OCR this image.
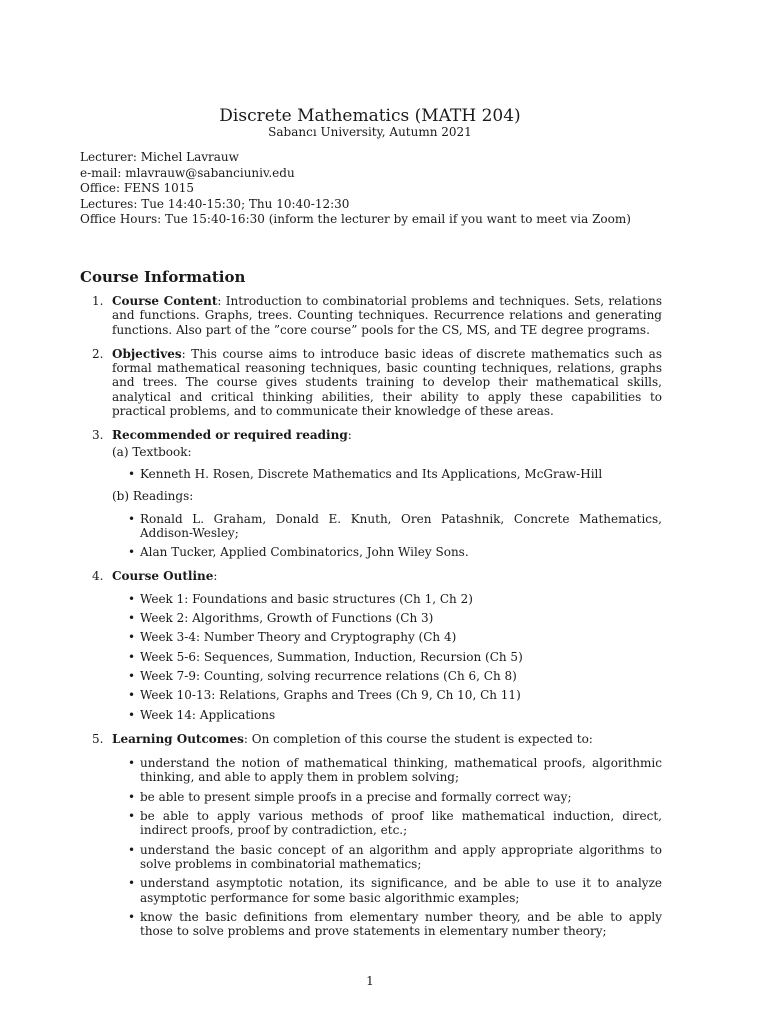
Discrete Mathematics (MATH 204)
Sabancı University, Autumn 2021
Lecturer: Michel Lavrauw
e-mail: mlavrauw@sabanciuniv.edu
Office: FENS 1015
Lectures: Tue 14:40-15:30; Thu 10:40-12:30
Office Hours: Tue 15:40-16:30 (inform the lecturer by email if you want to meet via Zoom)
Course Information
1. Course Content: Introduction to combinatorial problems and techniques. Sets, relations and functions. Graphs, trees. Counting techniques. Recurrence relations and generating functions. Also part of the ”core course” pools for the CS, MS, and TE degree programs.
2. Objectives: This course aims to introduce basic ideas of discrete mathematics such as formal mathematical reasoning techniques, basic counting techniques, relations, graphs and trees. The course gives students training to develop their mathematical skills, analytical and critical thinking abilities, their ability to apply these capabilities to practical problems, and to communicate their knowledge of these areas.
3. Recommended or required reading:
(a) Textbook:
• Kenneth H. Rosen, Discrete Mathematics and Its Applications, McGraw-Hill
(b) Readings:
• Ronald L. Graham, Donald E. Knuth, Oren Patashnik, Concrete Mathematics, Addison-Wesley;
• Alan Tucker, Applied Combinatorics, John Wiley Sons.
4. Course Outline:
• Week 1: Foundations and basic structures (Ch 1, Ch 2)
• Week 2: Algorithms, Growth of Functions (Ch 3)
• Week 3-4: Number Theory and Cryptography (Ch 4)
• Week 5-6: Sequences, Summation, Induction, Recursion (Ch 5)
• Week 7-9: Counting, solving recurrence relations (Ch 6, Ch 8)
• Week 10-13: Relations, Graphs and Trees (Ch 9, Ch 10, Ch 11)
• Week 14: Applications
5. Learning Outcomes: On completion of this course the student is expected to:
• understand the notion of mathematical thinking, mathematical proofs, algorithmic thinking, and able to apply them in problem solving;
• be able to present simple proofs in a precise and formally correct way;
• be able to apply various methods of proof like mathematical induction, direct, indirect proofs, proof by contradiction, etc.;
• understand the basic concept of an algorithm and apply appropriate algorithms to solve problems in combinatorial mathematics;
• understand asymptotic notation, its significance, and be able to use it to analyze asymptotic performance for some basic algorithmic examples;
• know the basic definitions from elementary number theory, and be able to apply those to solve problems and prove statements in elementary number theory;
1
